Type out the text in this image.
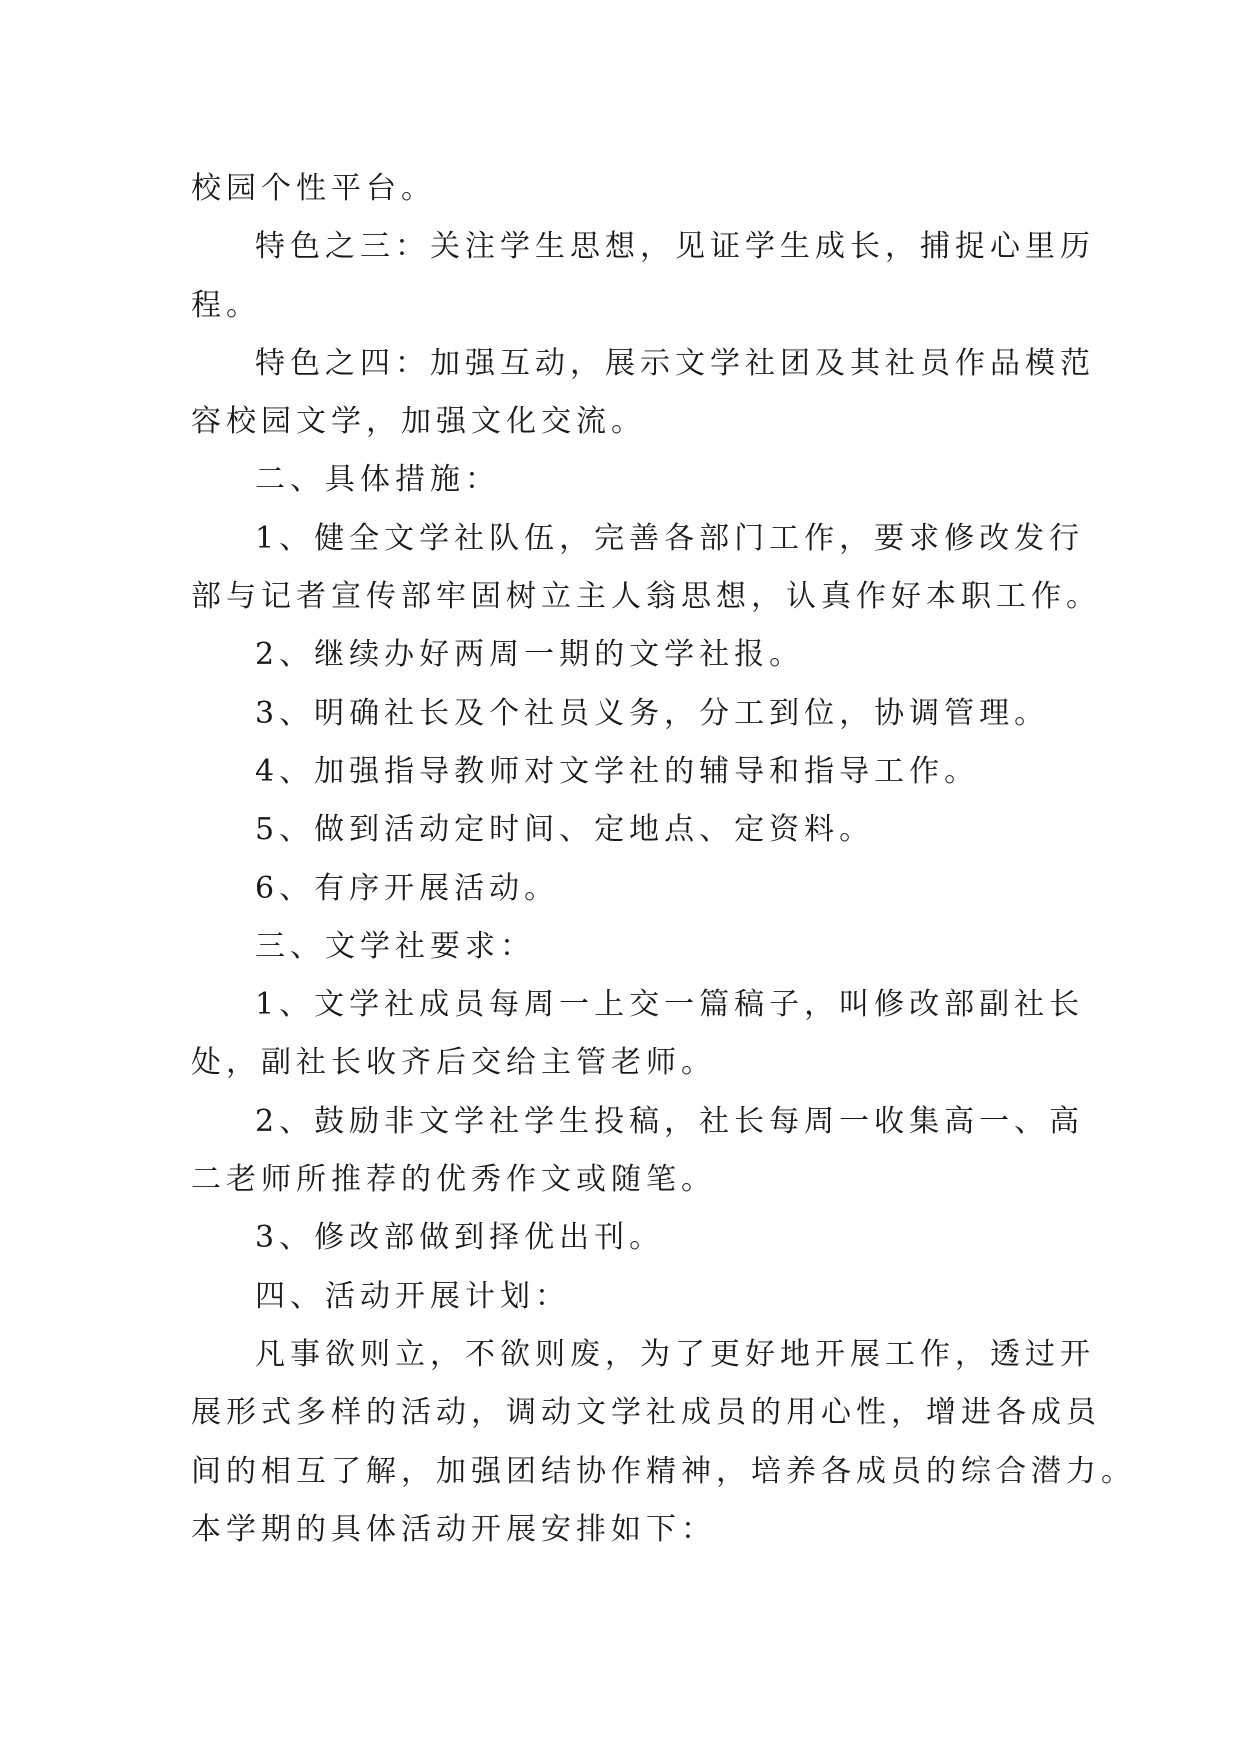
校园个性平台。
特色之三：关注学生思想，见证学生成长，捕捉心里历
程。
特色之四：加强互动，展示文学社团及其社员作品模范
容校园文学，加强文化交流。
二、具体措施：
1、健全文学社队伍，完善各部门工作，要求修改发行
部与记者宣传部牢固树立主人翁思想，认真作好本职工作。
2、继续办好两周一期的文学社报。
3、明确社长及个社员义务，分工到位，协调管理。
4、加强指导教师对文学社的辅导和指导工作。
5、做到活动定时间、定地点、定资料。
6、有序开展活动。
三、文学社要求：
1、文学社成员每周一上交一篇稿子，叫修改部副社长
处，副社长收齐后交给主管老师。
2、鼓励非文学社学生投稿，社长每周一收集高一、高
二老师所推荐的优秀作文或随笔。
3、修改部做到择优出刊。
四、活动开展计划：
凡事欲则立，不欲则废，为了更好地开展工作，透过开
展形式多样的活动，调动文学社成员的用心性，增进各成员
间的相互了解，加强团结协作精神，培养各成员的综合潜力。
本学期的具体活动开展安排如下：
